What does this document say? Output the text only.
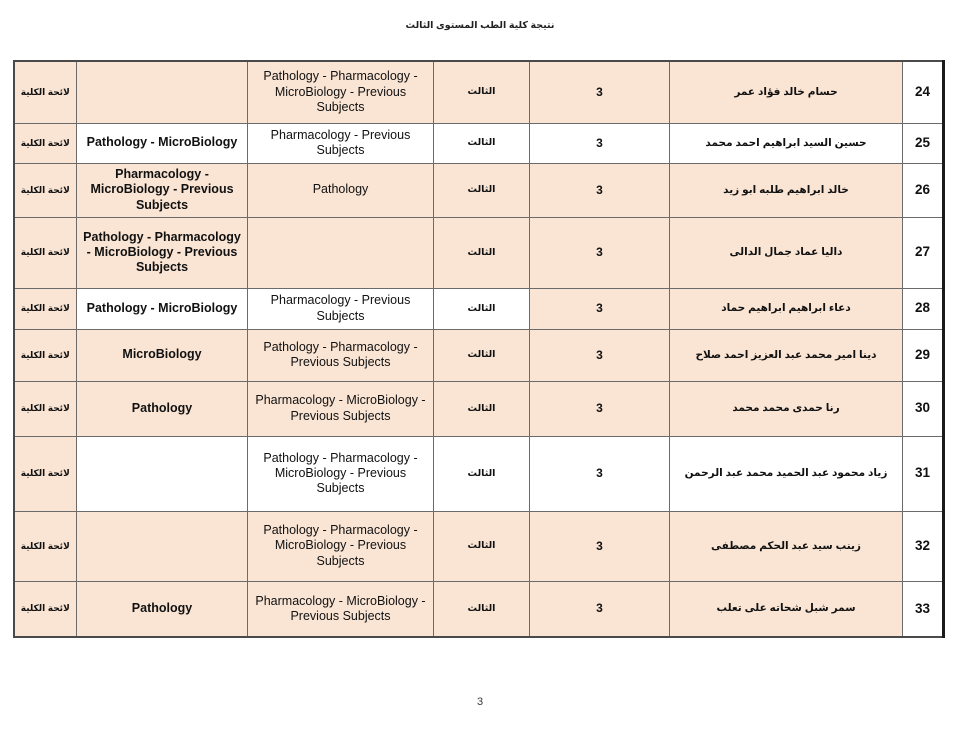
نتيجة كلية الطب المستوى الثالث
24	حسام خالد فؤاد عمر	3	الثالث	Pathology - Pharmacology - MicroBiology - Previous Subjects		لائحة الكلية
25	حسين السيد ابراهيم احمد محمد	3	الثالث	Pharmacology - Previous Subjects	Pathology - MicroBiology	لائحة الكلية
26	خالد ابراهيم طلبه ابو زيد	3	الثالث	Pathology	Pharmacology - MicroBiology - Previous Subjects	لائحة الكلية
27	داليا عماد جمال الدالى	3	الثالث		Pathology - Pharmacology - MicroBiology - Previous Subjects	لائحة الكلية
28	دعاء ابراهيم ابراهيم حماد	3	الثالث	Pharmacology - Previous Subjects	Pathology - MicroBiology	لائحة الكلية
29	دينا امير محمد عبد العزيز احمد صلاح	3	الثالث	Pathology - Pharmacology - Previous Subjects	MicroBiology	لائحة الكلية
30	رنا حمدى محمد محمد	3	الثالث	Pharmacology - MicroBiology - Previous Subjects	Pathology	لائحة الكلية
31	زياد محمود عبد الحميد محمد عبد الرحمن	3	الثالث	Pathology - Pharmacology - MicroBiology - Previous Subjects		لائحة الكلية
32	زينب سيد عبد الحكم مصطفى	3	الثالث	Pathology - Pharmacology - MicroBiology - Previous Subjects		لائحة الكلية
33	سمر شبل شحاته على تعلب	3	الثالث	Pharmacology - MicroBiology - Previous Subjects	Pathology	لائحة الكلية
3
